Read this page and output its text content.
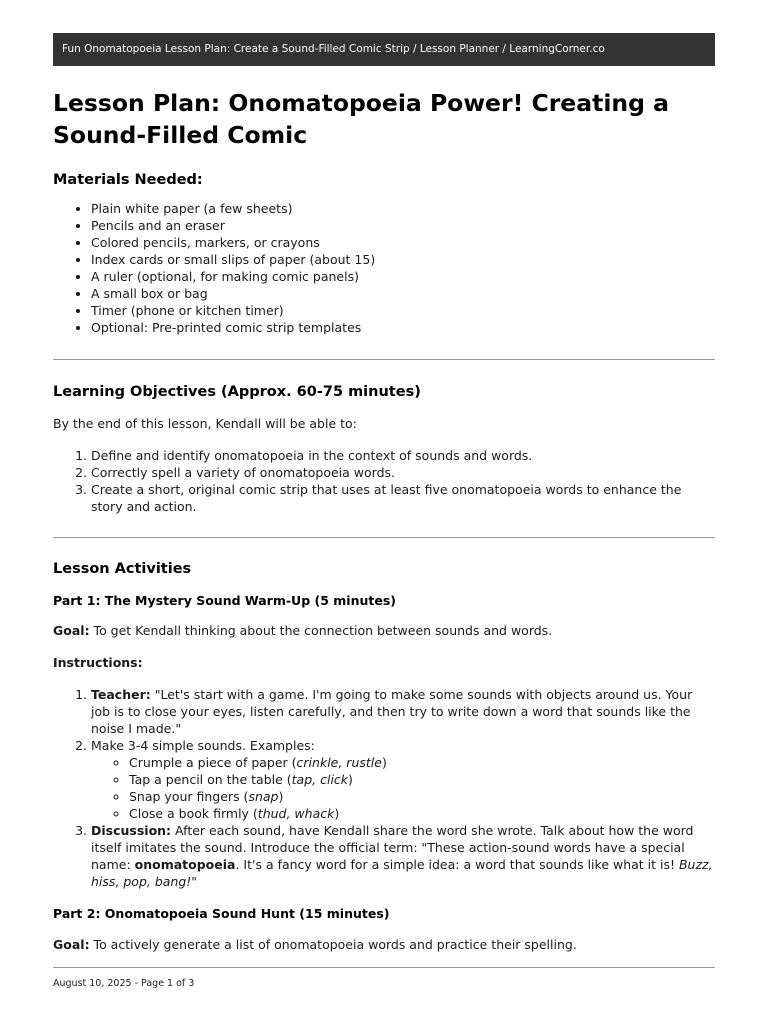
Fun Onomatopoeia Lesson Plan: Create a Sound-Filled Comic Strip / Lesson Planner / LearningCorner.co
Lesson Plan: Onomatopoeia Power! Creating a Sound-Filled Comic
Materials Needed:
• Plain white paper (a few sheets)
• Pencils and an eraser
• Colored pencils, markers, or crayons
• Index cards or small slips of paper (about 15)
• A ruler (optional, for making comic panels)
• A small box or bag
• Timer (phone or kitchen timer)
• Optional: Pre-printed comic strip templates
Learning Objectives (Approx. 60-75 minutes)

By the end of this lesson, Kendall will be able to:

1. Define and identify onomatopoeia in the context of sounds and words.
2. Correctly spell a variety of onomatopoeia words.
3. Create a short, original comic strip that uses at least five onomatopoeia words to enhance the story and action.
Lesson Activities
Part 1: The Mystery Sound Warm-Up (5 minutes)

Goal: To get Kendall thinking about the connection between sounds and words.

Instructions:

1. Teacher: "Let's start with a game. I'm going to make some sounds with objects around us. Your job is to close your eyes, listen carefully, and then try to write down a word that sounds like the noise I made."
2. Make 3-4 simple sounds. Examples:
◦ Crumple a piece of paper (crinkle, rustle)
◦ Tap a pencil on the table (tap, click)
◦ Snap your fingers (snap)
◦ Close a book firmly (thud, whack)
3. Discussion: After each sound, have Kendall share the word she wrote. Talk about how the word itself imitates the sound. Introduce the official term: "These action-sound words have a special name: onomatopoeia. It's a fancy word for a simple idea: a word that sounds like what it is! Buzz, hiss, pop, bang!"
Part 2: Onomatopoeia Sound Hunt (15 minutes)

Goal: To actively generate a list of onomatopoeia words and practice their spelling.

August 10, 2025 - Page 1 of 3
